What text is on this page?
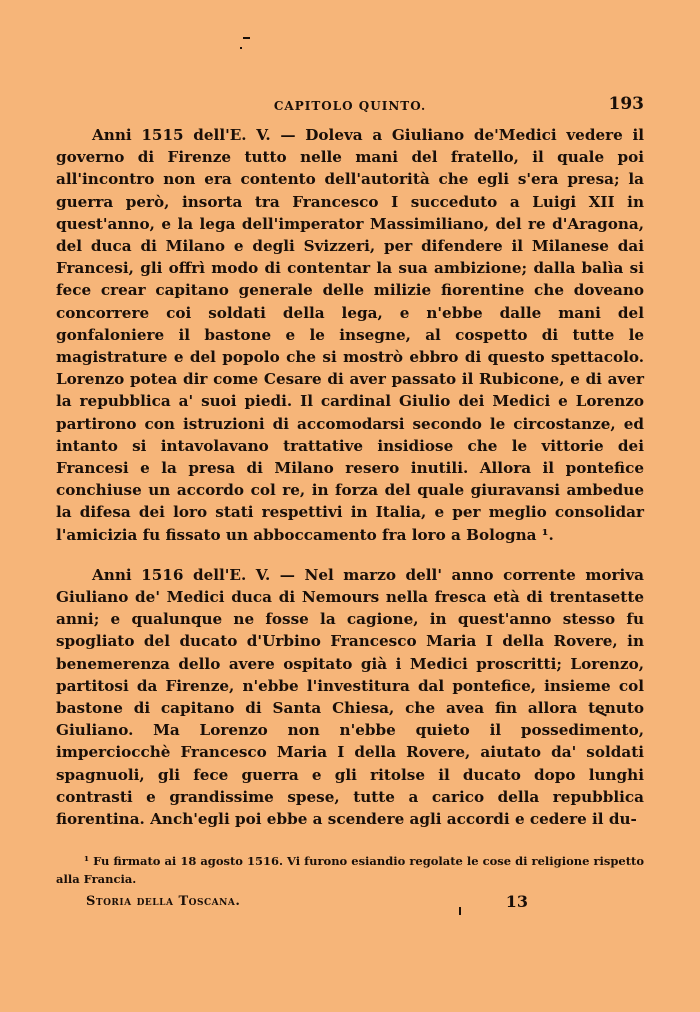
CAPITOLO QUINTO.	193

Anni 1515 dell'E. V. — Doleva a Giuliano de'Medici vedere il governo di Firenze tutto nelle mani del fratello, il quale poi all'incontro non era contento dell'autorità che egli s'era presa; la guerra però, insorta tra Francesco I succeduto a Luigi XII in quest'anno, e la lega dell'imperator Massimiliano, del re d'Aragona, del duca di Milano e degli Svizzeri, per difendere il Milanese dai Francesi, gli offrì modo di contentar la sua ambizione; dalla balìa si fece crear capitano generale delle milizie fiorentine che doveano concorrere coi soldati della lega, e n'ebbe dalle mani del gonfaloniere il bastone e le insegne, al cospetto di tutte le magistrature e del popolo che si mostrò ebbro di questo spettacolo. Lorenzo potea dir come Cesare di aver passato il Rubicone, e di aver la repubblica a' suoi piedi. Il cardinal Giulio dei Medici e Lorenzo partirono con istruzioni di accomodarsi secondo le circostanze, ed intanto si intavolavano trattative insidiose che le vittorie dei Francesi e la presa di Milano resero inutili. Allora il pontefice conchiuse un accordo col re, in forza del quale giuravansi ambedue la difesa dei loro stati respettivi in Italia, e per meglio consolidar l'amicizia fu fissato un abboccamento fra loro a Bologna ¹.

Anni 1516 dell'E. V. — Nel marzo dell' anno corrente moriva Giuliano de' Medici duca di Nemours nella fresca età di trentasette anni; e qualunque ne fosse la cagione, in quest'anno stesso fu spogliato del ducato d'Urbino Francesco Maria I della Rovere, in benemerenza dello avere ospitato già i Medici proscritti; Lorenzo, partitosi da Firenze, n'ebbe l'investitura dal pontefice, insieme col bastone di capitano di Santa Chiesa, che avea fin allora tenuto Giuliano. Ma Lorenzo non n'ebbe quieto il possedimento, imperciocchè Francesco Maria I della Rovere, aiutato da' soldati spagnuoli, gli fece guerra e gli ritolse il ducato dopo lunghi contrasti e grandissime spese, tutte a carico della repubblica fiorentina. Anch'egli poi ebbe a scendere agli accordi e cedere il du-

¹ Fu firmato ai 18 agosto 1516. Vi furono esiandio regolate le cose di religione rispetto alla Francia.
Storia della Toscana.	13
